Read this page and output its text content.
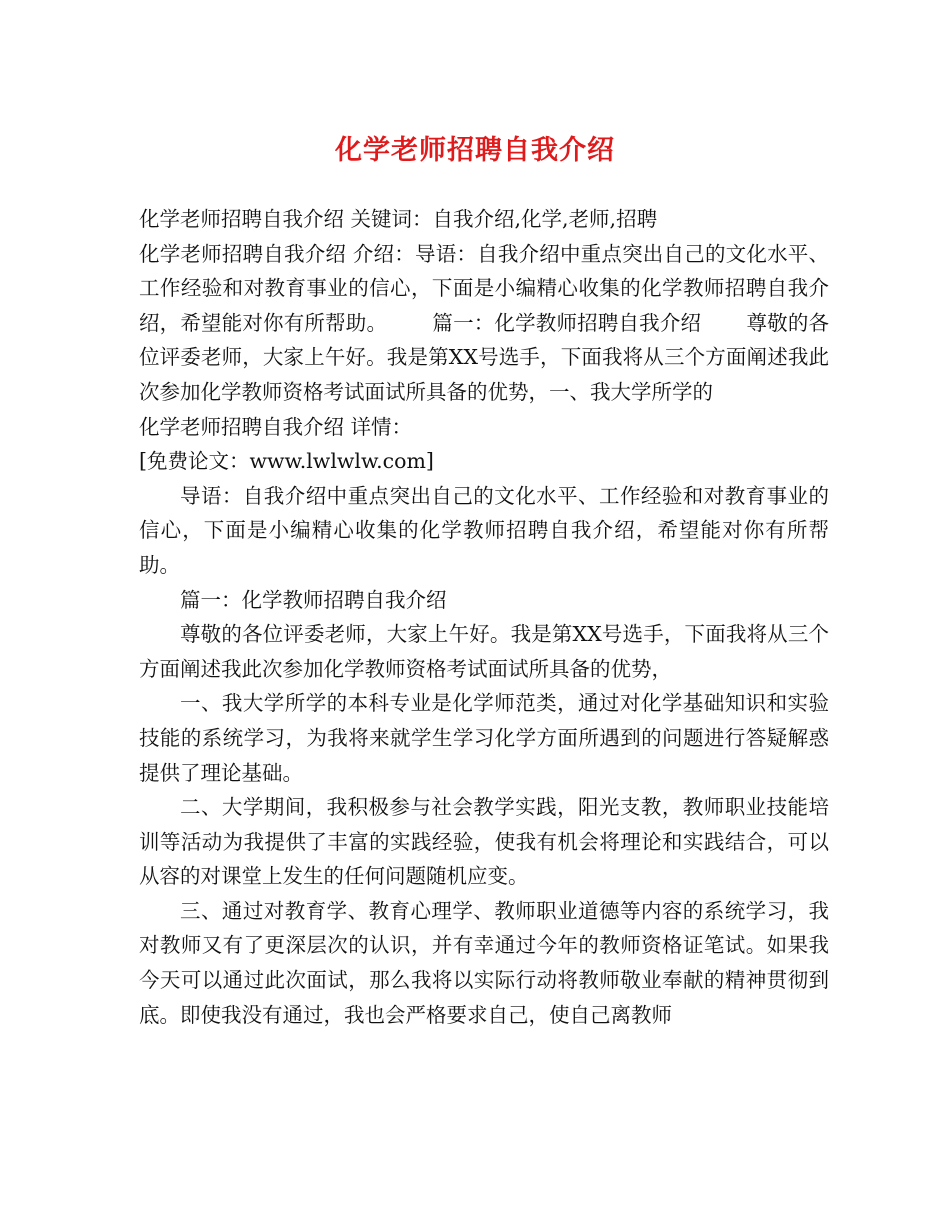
化学老师招聘自我介绍

化学老师招聘自我介绍 关键词：自我介绍,化学,老师,招聘

化学老师招聘自我介绍 介绍：导语：自我介绍中重点突出自己的文化水平、工作经验和对教育事业的信心，下面是小编精心收集的化学教师招聘自我介绍，希望能对你有所帮助。 篇一：化学教师招聘自我介绍 尊敬的各位评委老师，大家上午好。我是第XX号选手，下面我将从三个方面阐述我此次参加化学教师资格考试面试所具备的优势，一、我大学所学的

化学老师招聘自我介绍 详情：

[免费论文：www.lwlwlw.com]

导语：自我介绍中重点突出自己的文化水平、工作经验和对教育事业的信心，下面是小编精心收集的化学教师招聘自我介绍，希望能对你有所帮助。

篇一：化学教师招聘自我介绍

尊敬的各位评委老师，大家上午好。我是第XX号选手，下面我将从三个方面阐述我此次参加化学教师资格考试面试所具备的优势，

一、我大学所学的本科专业是化学师范类，通过对化学基础知识和实验技能的系统学习，为我将来就学生学习化学方面所遇到的问题进行答疑解惑提供了理论基础。

二、大学期间，我积极参与社会教学实践，阳光支教，教师职业技能培训等活动为我提供了丰富的实践经验，使我有机会将理论和实践结合，可以从容的对课堂上发生的任何问题随机应变。

三、通过对教育学、教育心理学、教师职业道德等内容的系统学习，我对教师又有了更深层次的认识，并有幸通过今年的教师资格证笔试。如果我今天可以通过此次面试，那么我将以实际行动将教师敬业奉献的精神贯彻到底。即使我没有通过，我也会严格要求自己，使自己离教师
